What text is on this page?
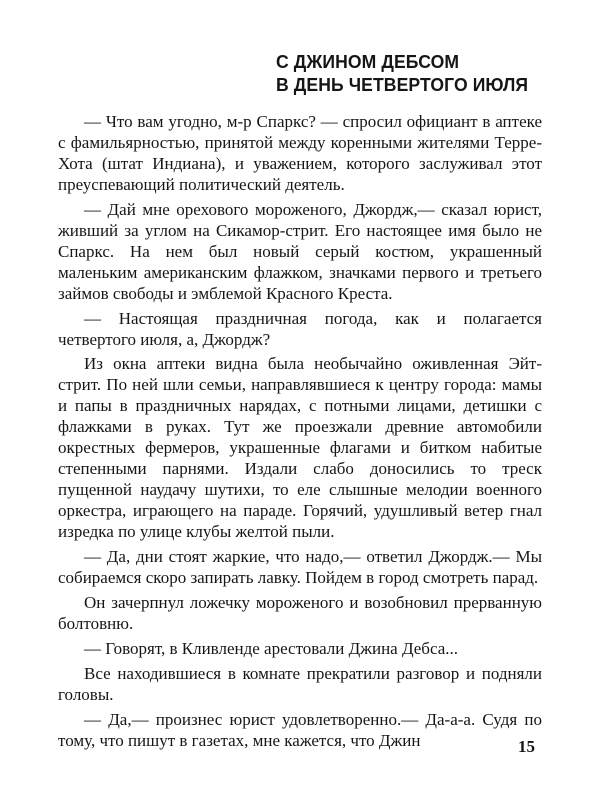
С ДЖИНОМ ДЕБСОМ
В ДЕНЬ ЧЕТВЕРТОГО ИЮЛЯ

— Что вам угодно, м-р Спаркс? — спросил официант в аптеке с фамильярностью, принятой между коренными жителями Терре-Хота (штат Индиана), и уважением, которого заслуживал этот преуспевающий политический деятель.

— Дай мне орехового мороженого, Джордж,— сказал юрист, живший за углом на Сикамор-стрит. Его настоящее имя было не Спаркс. На нем был новый серый костюм, украшенный маленьким американским флажком, значками первого и третьего займов свободы и эмблемой Красного Креста.

— Настоящая праздничная погода, как и полагается четвертого июля, а, Джордж?

Из окна аптеки видна была необычайно оживленная Эйт-стрит. По ней шли семьи, направлявшиеся к центру города: мамы и папы в праздничных нарядах, с потными лицами, детишки с флажками в руках. Тут же проезжали древние автомобили окрестных фермеров, украшенные флагами и битком набитые степенными парнями. Издали слабо доносились то треск пущенной наудачу шутихи, то еле слышные мелодии военного оркестра, играющего на параде. Горячий, удушливый ветер гнал изредка по улице клубы желтой пыли.

— Да, дни стоят жаркие, что надо,— ответил Джордж.— Мы собираемся скоро запирать лавку. Пойдем в город смотреть парад.

Он зачерпнул ложечку мороженого и возобновил прерванную болтовню.

— Говорят, в Кливленде арестовали Джина Дебса...

Все находившиеся в комнате прекратили разговор и подняли головы.

— Да,— произнес юрист удовлетворенно.— Да-а-а. Судя по тому, что пишут в газетах, мне кажется, что Джин	15
